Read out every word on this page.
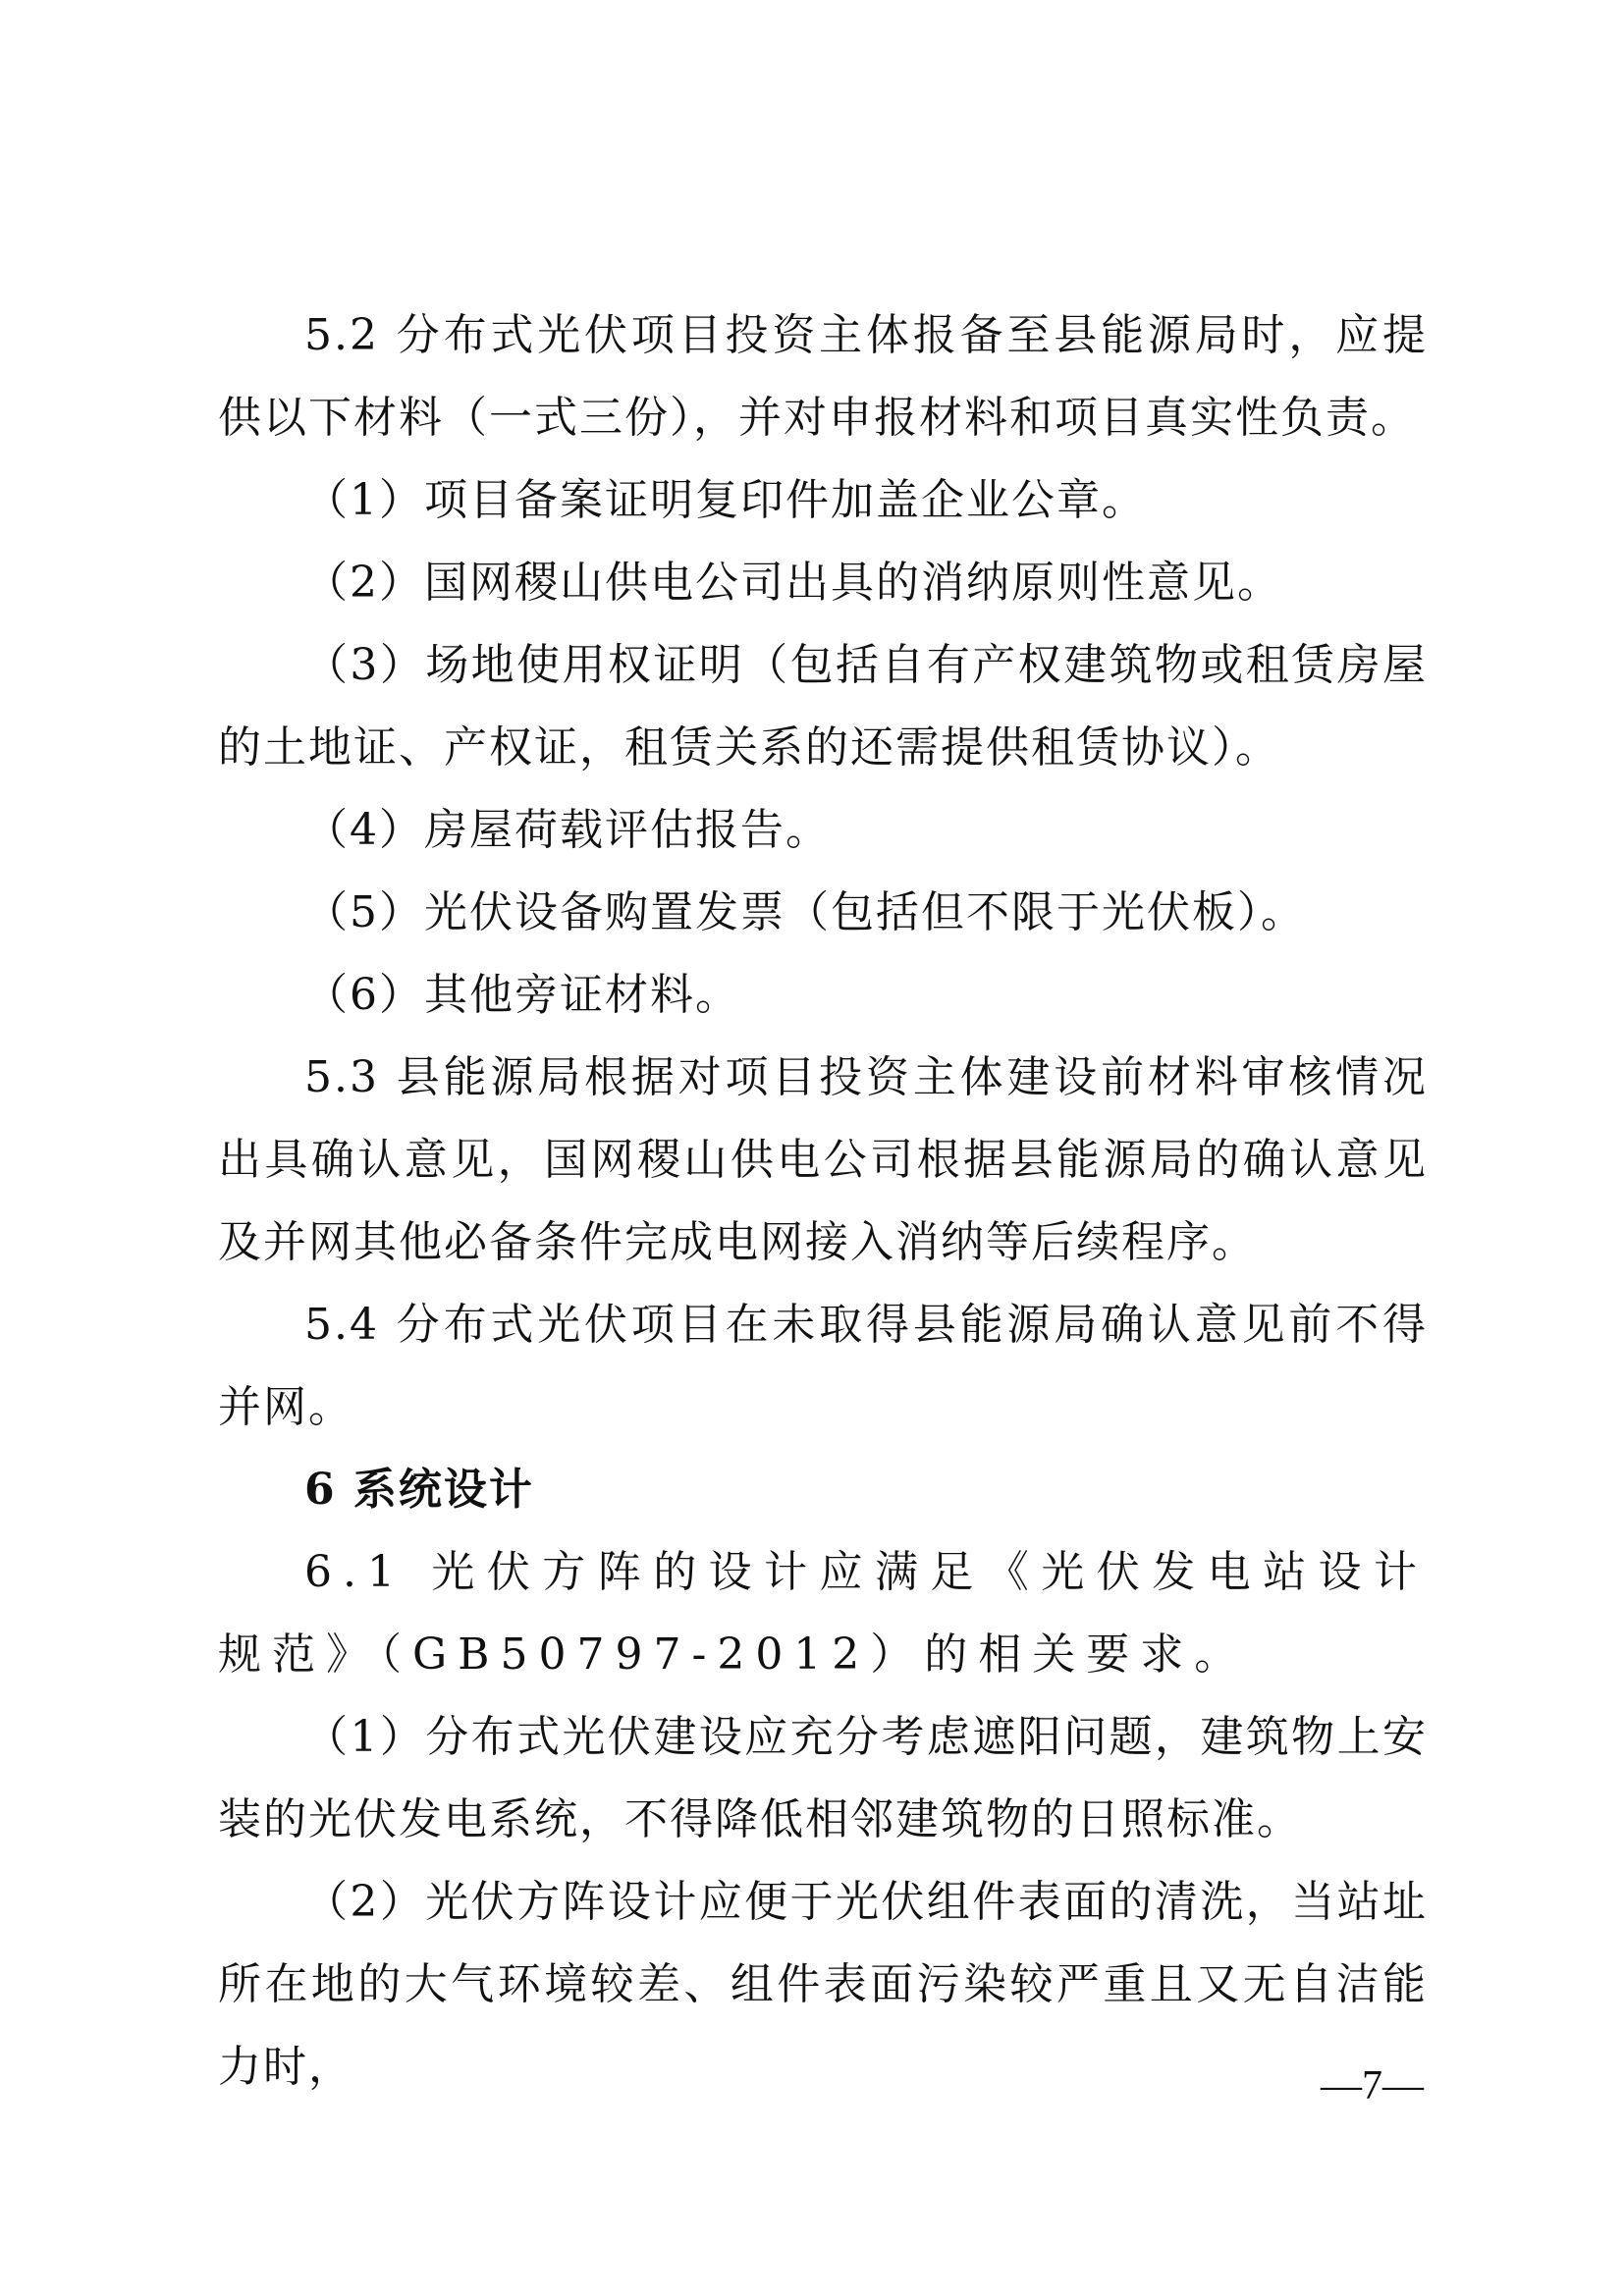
5.2 分布式光伏项目投资主体报备至县能源局时，应提供以下材料（一式三份），并对申报材料和项目真实性负责。

（1）项目备案证明复印件加盖企业公章。

（2）国网稷山供电公司出具的消纳原则性意见。

（3）场地使用权证明（包括自有产权建筑物或租赁房屋的土地证、产权证，租赁关系的还需提供租赁协议）。

（4）房屋荷载评估报告。

（5）光伏设备购置发票（包括但不限于光伏板）。

（6）其他旁证材料。

5.3 县能源局根据对项目投资主体建设前材料审核情况出具确认意见，国网稷山供电公司根据县能源局的确认意见及并网其他必备条件完成电网接入消纳等后续程序。

5.4 分布式光伏项目在未取得县能源局确认意见前不得并网。

6 系统设计

6.1 光伏方阵的设计应满足《光伏发电站设计规范》（GB50797-2012）的相关要求。

（1）分布式光伏建设应充分考虑遮阳问题，建筑物上安装的光伏发电系统，不得降低相邻建筑物的日照标准。

（2）光伏方阵设计应便于光伏组件表面的清洗，当站址所在地的大气环境较差、组件表面污染较严重且又无自洁能力时，	—7—
